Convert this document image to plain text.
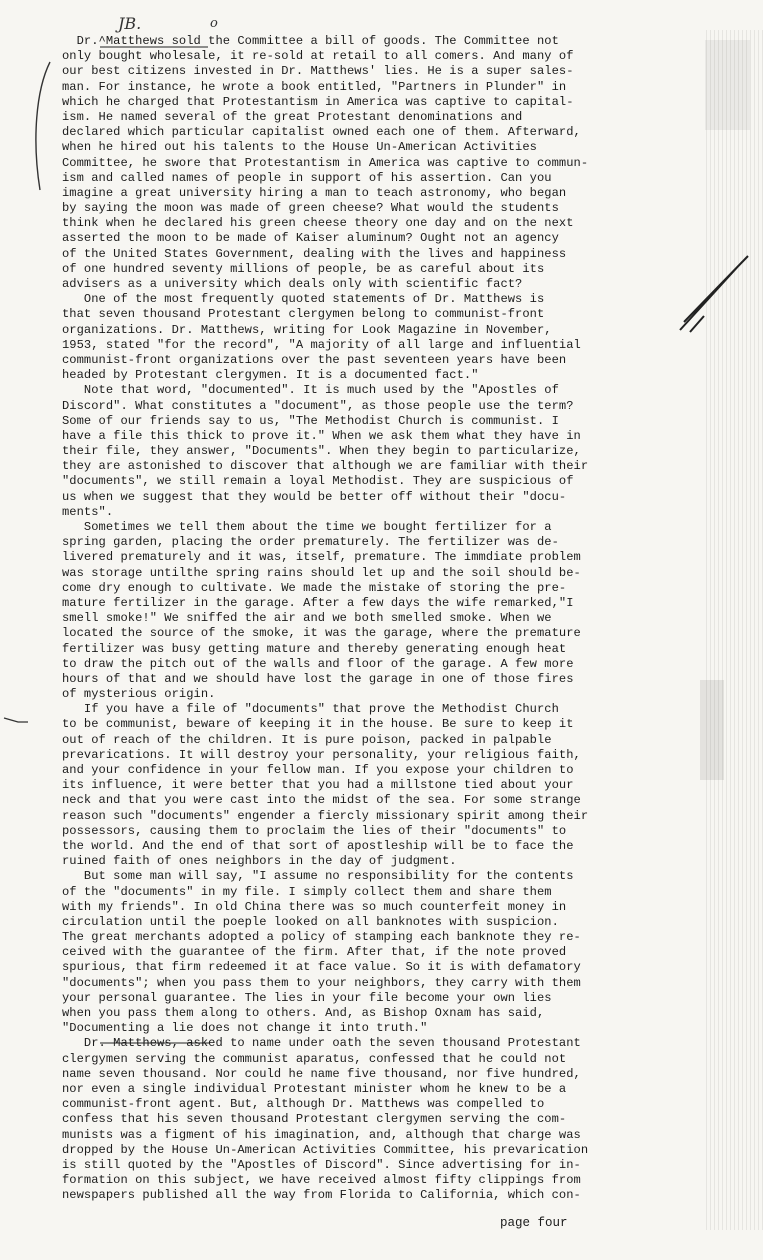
JB.	o
Dr.^Matthews sold the Committee a bill of goods. The Committee not
only bought wholesale, it re-sold at retail to all comers. And many of
our best citizens invested in Dr. Matthews' lies. He is a super sales-
man. For instance, he wrote a book entitled, "Partners in Plunder" in
which he charged that Protestantism in America was captive to capital-
ism. He named several of the great Protestant denominations and
declared which particular capitalist owned each one of them. Afterward,
when he hired out his talents to the House Un-American Activities
Committee, he swore that Protestantism in America was captive to commun-
ism and called names of people in support of his assertion. Can you
imagine a great university hiring a man to teach astronomy, who began
by saying the moon was made of green cheese? What would the students
think when he declared his green cheese theory one day and on the next
asserted the moon to be made of Kaiser aluminum? Ought not an agency
of the United States Government, dealing with the lives and happiness
of one hundred seventy millions of people, be as careful about its
advisers as a university which deals only with scientific fact?
One of the most frequently quoted statements of Dr. Matthews is
that seven thousand Protestant clergymen belong to communist-front
organizations. Dr. Matthews, writing for Look Magazine in November,
1953, stated "for the record", "A majority of all large and influential
communist-front organizations over the past seventeen years have been
headed by Protestant clergymen. It is a documented fact."
Note that word, "documented". It is much used by the "Apostles of
Discord". What constitutes a "document", as those people use the term?
Some of our friends say to us, "The Methodist Church is communist. I
have a file this thick to prove it." When we ask them what they have in
their file, they answer, "Documents". When they begin to particularize,
they are astonished to discover that although we are familiar with their
"documents", we still remain a loyal Methodist. They are suspicious of
us when we suggest that they would be better off without their "docu-
ments".
Sometimes we tell them about the time we bought fertilizer for a
spring garden, placing the order prematurely. The fertilizer was de-
livered prematurely and it was, itself, premature. The immdiate problem
was storage untilthe spring rains should let up and the soil should be-
come dry enough to cultivate. We made the mistake of storing the pre-
mature fertilizer in the garage. After a few days the wife remarked,"I
smell smoke!" We sniffed the air and we both smelled smoke. When we
located the source of the smoke, it was the garage, where the premature
fertilizer was busy getting mature and thereby generating enough heat
to draw the pitch out of the walls and floor of the garage. A few more
hours of that and we should have lost the garage in one of those fires
of mysterious origin.
If you have a file of "documents" that prove the Methodist Church
to be communist, beware of keeping it in the house. Be sure to keep it
out of reach of the children. It is pure poison, packed in palpable
prevarications. It will destroy your personality, your religious faith,
and your confidence in your fellow man. If you expose your children to
its influence, it were better that you had a millstone tied about your
neck and that you were cast into the midst of the sea. For some strange
reason such "documents" engender a fiercly missionary spirit among their
possessors, causing them to proclaim the lies of their "documents" to
the world. And the end of that sort of apostleship will be to face the
ruined faith of ones neighbors in the day of judgment.
But some man will say, "I assume no responsibility for the contents
of the "documents" in my file. I simply collect them and share them
with my friends". In old China there was so much counterfeit money in
circulation until the poeple looked on all banknotes with suspicion.
The great merchants adopted a policy of stamping each banknote they re-
ceived with the guarantee of the firm. After that, if the note proved
spurious, that firm redeemed it at face value. So it is with defamatory
"documents"; when you pass them to your neighbors, they carry with them
your personal guarantee. The lies in your file become your own lies
when you pass them along to others. And, as Bishop Oxnam has said,
"Documenting a lie does not change it into truth."
Dr. Matthews, asked to name under oath the seven thousand Protestant
clergymen serving the communist aparatus, confessed that he could not
name seven thousand. Nor could he name five thousand, nor five hundred,
nor even a single individual Protestant minister whom he knew to be a
communist-front agent. But, although Dr. Matthews was compelled to
confess that his seven thousand Protestant clergymen serving the com-
munists was a figment of his imagination, and, although that charge was
dropped by the House Un-American Activities Committee, his prevarication
is still quoted by the "Apostles of Discord". Since advertising for in-
formation on this subject, we have received almost fifty clippings from
newspapers published all the way from Florida to California, which con-
page four
